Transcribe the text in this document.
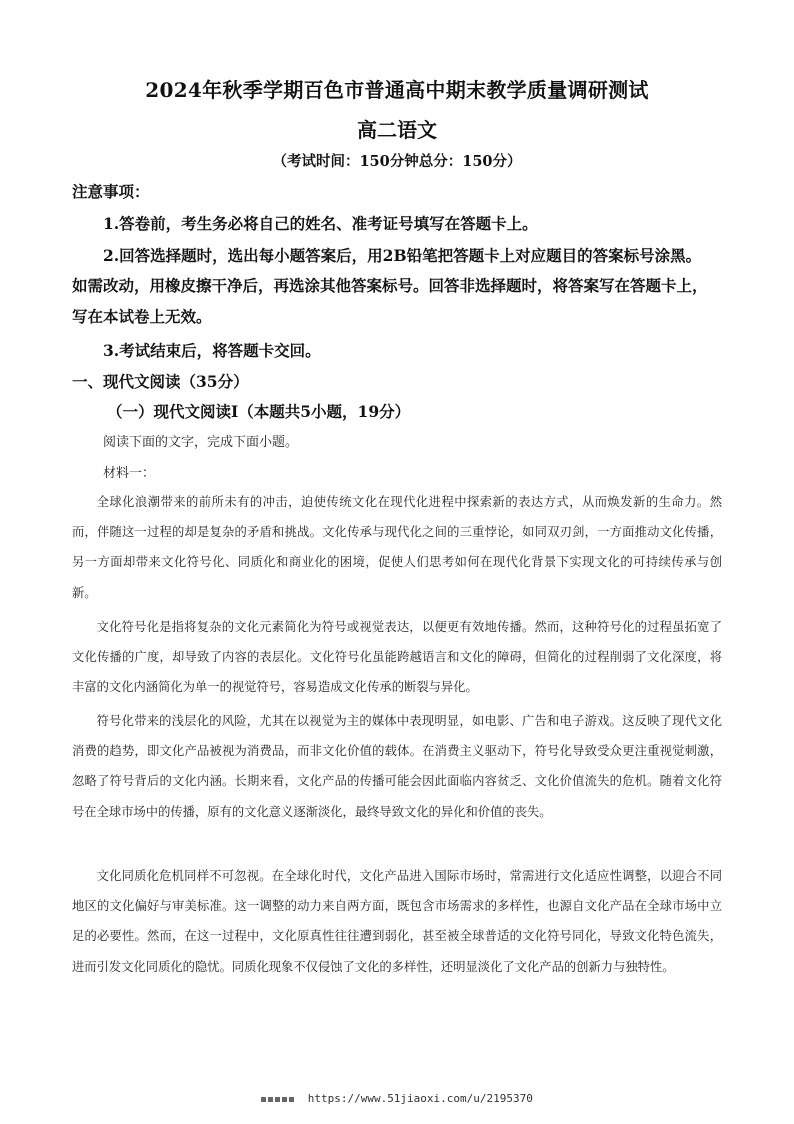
2024年秋季学期百色市普通高中期末教学质量调研测试
高二语文
（考试时间：150分钟总分：150分）
注意事项：
1.答卷前，考生务必将自己的姓名、准考证号填写在答题卡上。
2.回答选择题时，选出每小题答案后，用2B铅笔把答题卡上对应题目的答案标号涂黑。
如需改动，用橡皮擦干净后，再选涂其他答案标号。回答非选择题时，将答案写在答题卡上，
写在本试卷上无效。
3.考试结束后，将答题卡交回。
一、现代文阅读（35分）
（一）现代文阅读Ⅰ（本题共5小题，19分）
阅读下面的文字，完成下面小题。
材料一：

全球化浪潮带来的前所未有的冲击，迫使传统文化在现代化进程中探索新的表达方式，从而焕发新的生命力。然而，伴随这一过程的却是复杂的矛盾和挑战。文化传承与现代化之间的三重悖论，如同双刃剑，一方面推动文化传播，另一方面却带来文化符号化、同质化和商业化的困境，促使人们思考如何在现代化背景下实现文化的可持续传承与创新。

文化符号化是指将复杂的文化元素简化为符号或视觉表达，以便更有效地传播。然而，这种符号化的过程虽拓宽了文化传播的广度，却导致了内容的表层化。文化符号化虽能跨越语言和文化的障碍，但简化的过程削弱了文化深度，将丰富的文化内涵简化为单一的视觉符号，容易造成文化传承的断裂与异化。

符号化带来的浅层化的风险，尤其在以视觉为主的媒体中表现明显，如电影、广告和电子游戏。这反映了现代文化消费的趋势，即文化产品被视为消费品，而非文化价值的载体。在消费主义驱动下，符号化导致受众更注重视觉刺激，忽略了符号背后的文化内涵。长期来看，文化产品的传播可能会因此面临内容贫乏、文化价值流失的危机。随着文化符号在全球市场中的传播，原有的文化意义逐渐淡化，最终导致文化的异化和价值的丧失。

文化同质化危机同样不可忽视。在全球化时代，文化产品进入国际市场时，常需进行文化适应性调整，以迎合不同地区的文化偏好与审美标准。这一调整的动力来自两方面，既包含市场需求的多样性，也源自文化产品在全球市场中立足的必要性。然而，在这一过程中，文化原真性往往遭到弱化，甚至被全球普适的文化符号同化，导致文化特色流失，进而引发文化同质化的隐忧。同质化现象不仅侵蚀了文化的多样性，还明显淡化了文化产品的创新力与独特性。

https://www.51jiaoxi.com/u/2195370
